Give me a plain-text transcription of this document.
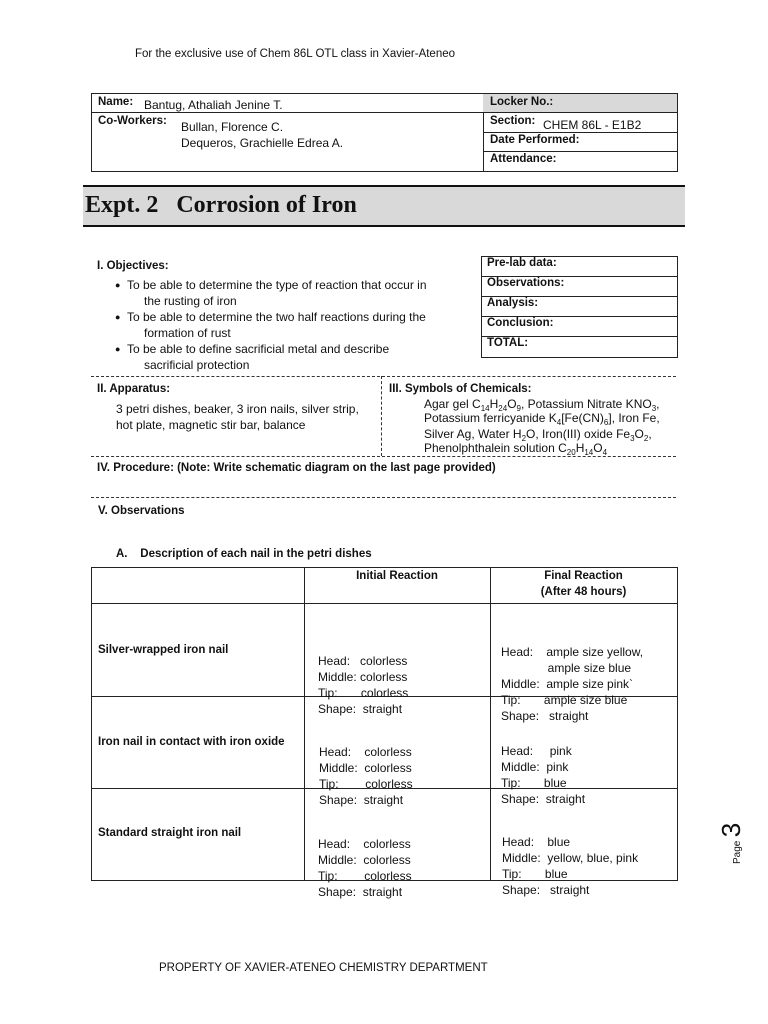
For the exclusive use of Chem 86L OTL class in Xavier-Ateneo
Name: Bantug, Athaliah Jenine T.
Co-Workers: Bullan, Florence C.
Dequeros, Grachielle Edrea A.
Locker No.:
Section: CHEM 86L - E1B2
Date Performed:
Attendance:
Expt. 2   Corrosion of Iron
I. Objectives:
● To be able to determine the type of reaction that occur in
the rusting of iron
● To be able to determine the two half reactions during the
formation of rust
● To be able to define sacrificial metal and describe
sacrificial protection
Pre-lab data:
Observations:
Analysis:
Conclusion:
TOTAL:
II. Apparatus:
3 petri dishes, beaker, 3 iron nails, silver strip,
hot plate, magnetic stir bar, balance
III. Symbols of Chemicals:
Agar gel $C_{14}H_{24}O_9$, Potassium Nitrate $KNO_3$,
Potassium ferricyanide $K_4[Fe(CN)_6]$, Iron Fe,
Silver Ag, Water $H_2O$, Iron(III) oxide $Fe_3O_2$,
Phenolphthalein solution $C_{20}H_{14}O_4$
IV. Procedure: (Note: Write schematic diagram on the last page provided)
V. Observations
A.    Description of each nail in the petri dishes
Initial Reaction	Final Reaction
(After 48 hours)
Silver-wrapped iron nail

Head:   colorless
Middle: colorless
Tip:       colorless
Shape:  straight

Head:    ample size yellow,
ample size blue
Middle:  ample size pink`
Tip:       ample size blue
Shape:   straight

Iron nail in contact with iron oxide

Head:    colorless
Middle:  colorless
Tip:        colorless
Shape:  straight

Head:     pink
Middle:  pink
Tip:       blue
Shape:  straight

Standard straight iron nail

Head:    colorless
Middle:  colorless
Tip:        colorless
Shape:  straight

Head:    blue
Middle:  yellow, blue, pink
Tip:       blue
Shape:   straight

Page 3
PROPERTY OF XAVIER-ATENEO CHEMISTRY DEPARTMENT
